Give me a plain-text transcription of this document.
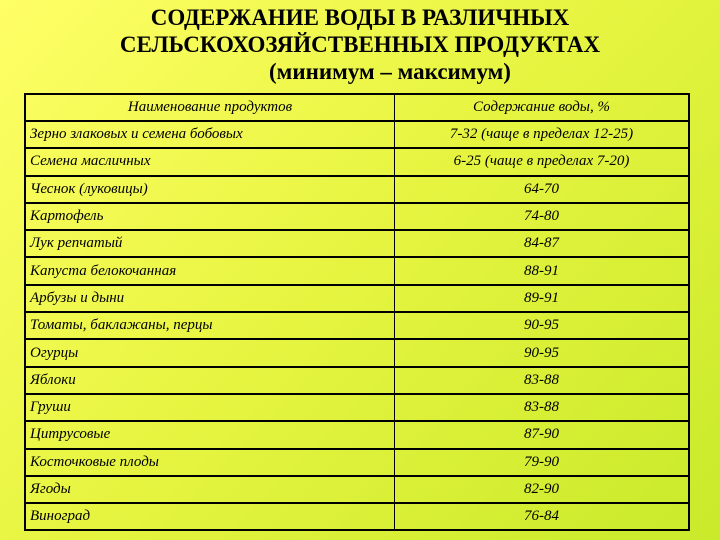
СОДЕРЖАНИЕ ВОДЫ В РАЗЛИЧНЫХ
СЕЛЬСКОХОЗЯЙСТВЕННЫХ ПРОДУКТАХ
(минимум – максимум)
Наименование продуктов	Содержание воды, %
Зерно злаковых и семена бобовых	7-32 (чаще в пределах 12-25)
Семена масличных	6-25 (чаще в пределах 7-20)
Чеснок (луковицы)	64-70
Картофель	74-80
Лук репчатый	84-87
Капуста белокочанная	88-91
Арбузы и дыни	89-91
Томаты, баклажаны, перцы	90-95
Огурцы	90-95
Яблоки	83-88
Груши	83-88
Цитрусовые	87-90
Косточковые плоды	79-90
Ягоды	82-90
Виноград	76-84
